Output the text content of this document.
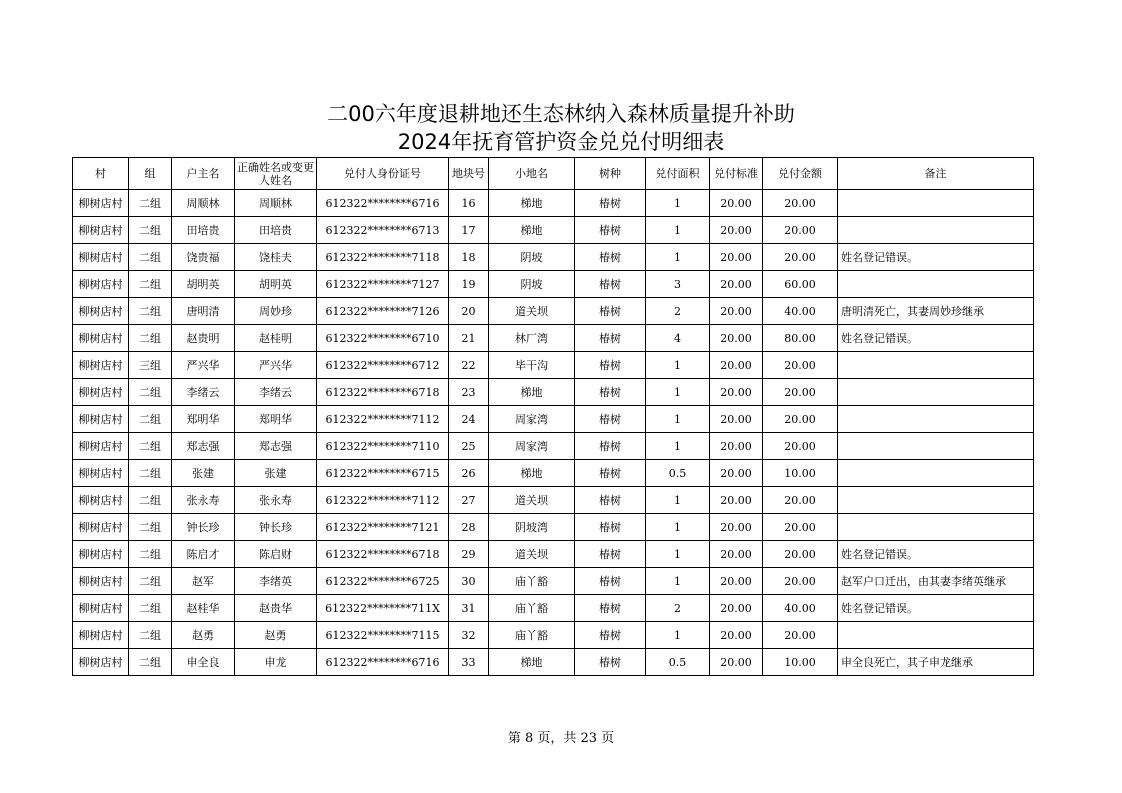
二00六年度退耕地还生态林纳入森林质量提升补助
2024年抚育管护资金兑兑付明细表
村	组	户主名	正确姓名或变更人姓名	兑付人身份证号	地块号	小地名	树种	兑付面积	兑付标准	兑付金额	备注
柳树店村	二组	周顺林	周顺林	612322********6716	16	梯地	椿树	1	20.00	20.00	
柳树店村	二组	田培贵	田培贵	612322********6713	17	梯地	椿树	1	20.00	20.00	
柳树店村	二组	饶贵福	饶桂夫	612322********7118	18	阴坡	椿树	1	20.00	20.00	姓名登记错误。
柳树店村	二组	胡明英	胡明英	612322********7127	19	阴坡	椿树	3	20.00	60.00	
柳树店村	二组	唐明清	周妙珍	612322********7126	20	道关坝	椿树	2	20.00	40.00	唐明清死亡，其妻周妙珍继承
柳树店村	二组	赵贵明	赵桂明	612322********6710	21	林厂湾	椿树	4	20.00	80.00	姓名登记错误。
柳树店村	三组	严兴华	严兴华	612322********6712	22	毕干沟	椿树	1	20.00	20.00	
柳树店村	二组	李绪云	李绪云	612322********6718	23	梯地	椿树	1	20.00	20.00	
柳树店村	二组	郑明华	郑明华	612322********7112	24	周家湾	椿树	1	20.00	20.00	
柳树店村	二组	郑志强	郑志强	612322********7110	25	周家湾	椿树	1	20.00	20.00	
柳树店村	二组	张建	张建	612322********6715	26	梯地	椿树	0.5	20.00	10.00	
柳树店村	二组	张永寿	张永寿	612322********7112	27	道关坝	椿树	1	20.00	20.00	
柳树店村	二组	钟长珍	钟长珍	612322********7121	28	阴坡湾	椿树	1	20.00	20.00	
柳树店村	二组	陈启才	陈启财	612322********6718	29	道关坝	椿树	1	20.00	20.00	姓名登记错误。
柳树店村	二组	赵军	李绪英	612322********6725	30	庙丫豁	椿树	1	20.00	20.00	赵军户口迁出，由其妻李绪英继承
柳树店村	二组	赵桂华	赵贵华	612322********711X	31	庙丫豁	椿树	2	20.00	40.00	姓名登记错误。
柳树店村	二组	赵勇	赵勇	612322********7115	32	庙丫豁	椿树	1	20.00	20.00	
柳树店村	二组	申全良	申龙	612322********6716	33	梯地	椿树	0.5	20.00	10.00	申全良死亡，其子申龙继承
第 8 页，共 23 页
